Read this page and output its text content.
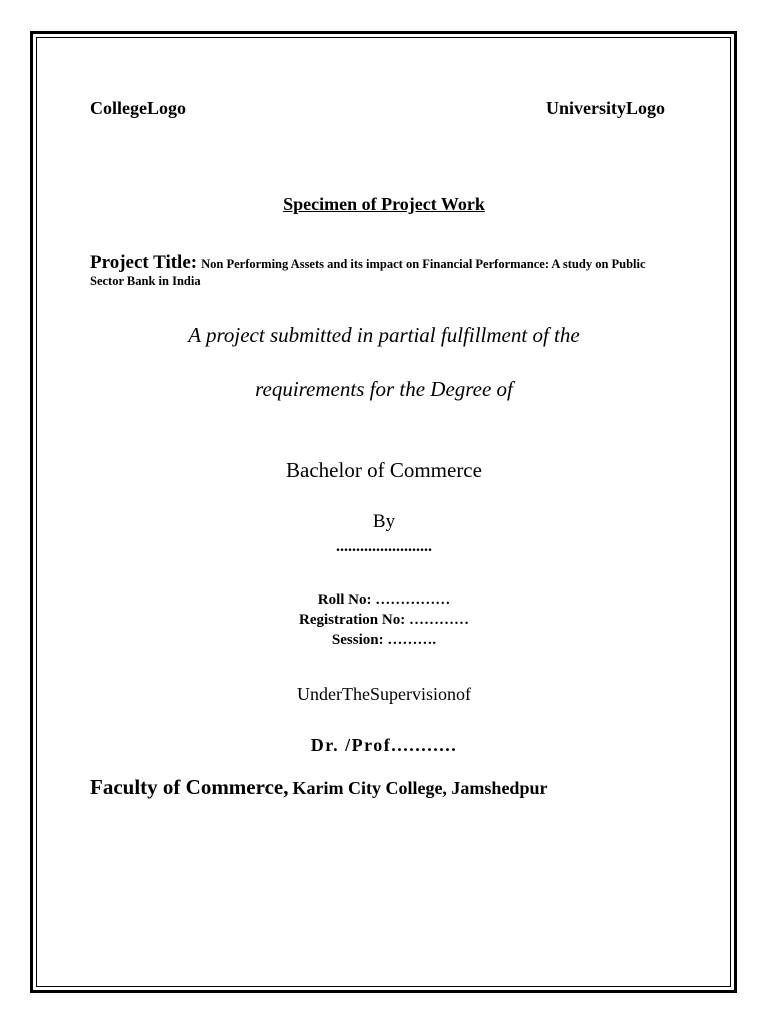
CollegeLogo	UniversityLogo
Specimen of Project Work
Project Title: Non Performing Assets and its impact on Financial Performance: A study on Public Sector Bank in India
A project submitted in partial fulfillment of the
requirements for the Degree of
Bachelor of Commerce
By
........................
Roll No: ……………
Registration No: …………
Session: ……….
UnderTheSupervisionof
Dr. /Prof...........
Faculty of Commerce, Karim City College, Jamshedpur
